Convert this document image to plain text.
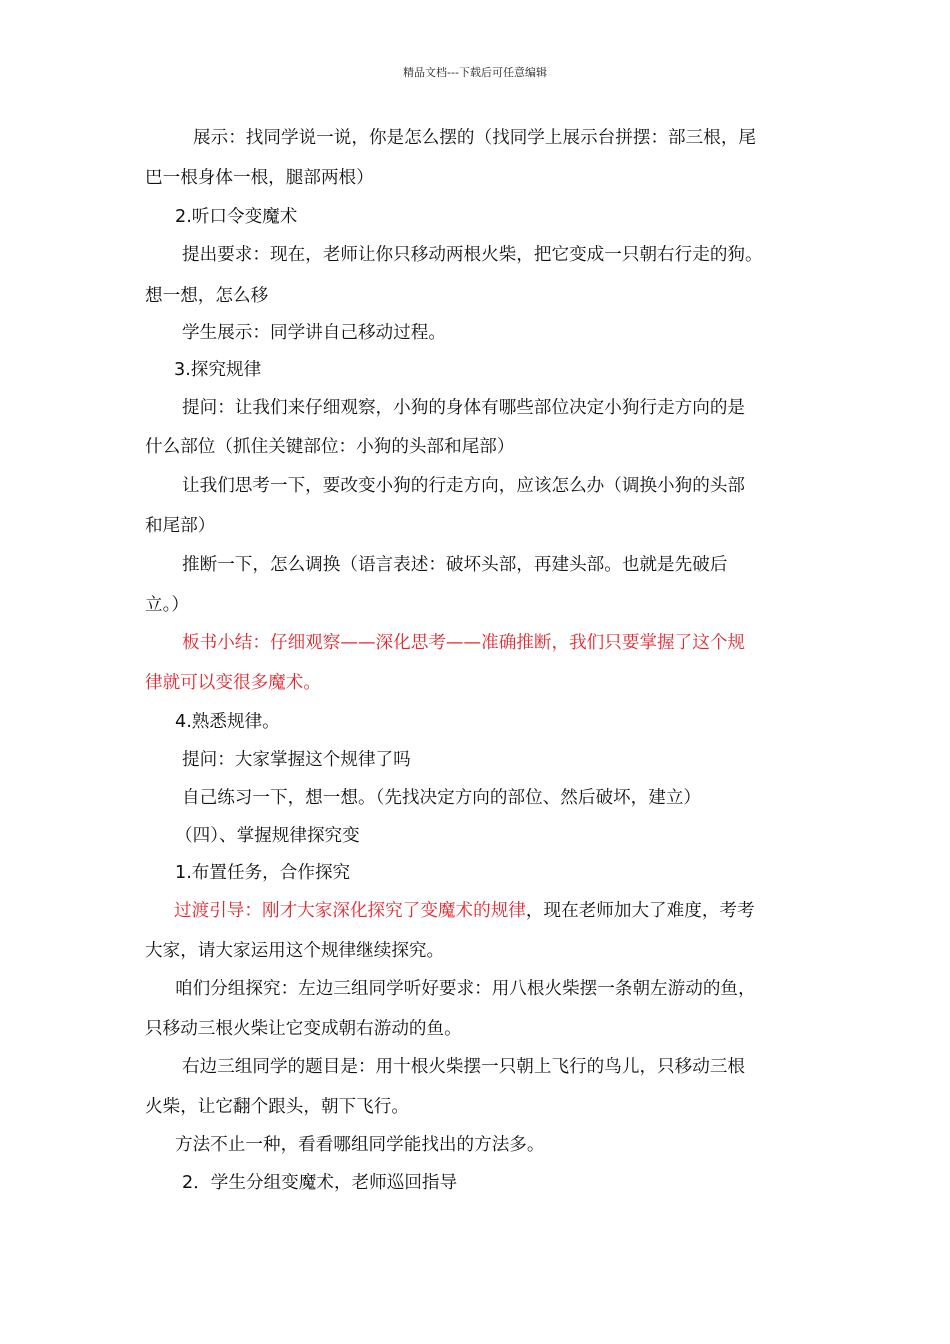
精品文档---下载后可任意编辑
展示：找同学说一说，你是怎么摆的（找同学上展示台拼摆：部三根，尾
巴一根身体一根，腿部两根）
2.听口令变魔术
提出要求：现在，老师让你只移动两根火柴，把它变成一只朝右行走的狗。
想一想，怎么移
学生展示：同学讲自己移动过程。
3.探究规律
提问：让我们来仔细观察，小狗的身体有哪些部位决定小狗行走方向的是
什么部位（抓住关键部位：小狗的头部和尾部）
让我们思考一下，要改变小狗的行走方向，应该怎么办（调换小狗的头部
和尾部）
推断一下，怎么调换（语言表述：破坏头部，再建头部。也就是先破后
立。）
板书小结：仔细观察——深化思考——准确推断，我们只要掌握了这个规
律就可以变很多魔术。
4.熟悉规律。
提问：大家掌握这个规律了吗
自己练习一下，想一想。（先找决定方向的部位、然后破坏，建立）
（四）、掌握规律探究变
1.布置任务，合作探究
过渡引导：刚才大家深化探究了变魔术的规律，现在老师加大了难度，考考
大家，请大家运用这个规律继续探究。
咱们分组探究：左边三组同学听好要求：用八根火柴摆一条朝左游动的鱼，
只移动三根火柴让它变成朝右游动的鱼。
右边三组同学的题目是：用十根火柴摆一只朝上飞行的鸟儿，只移动三根
火柴，让它翻个跟头，朝下飞行。
方法不止一种，看看哪组同学能找出的方法多。
2．学生分组变魔术，老师巡回指导
